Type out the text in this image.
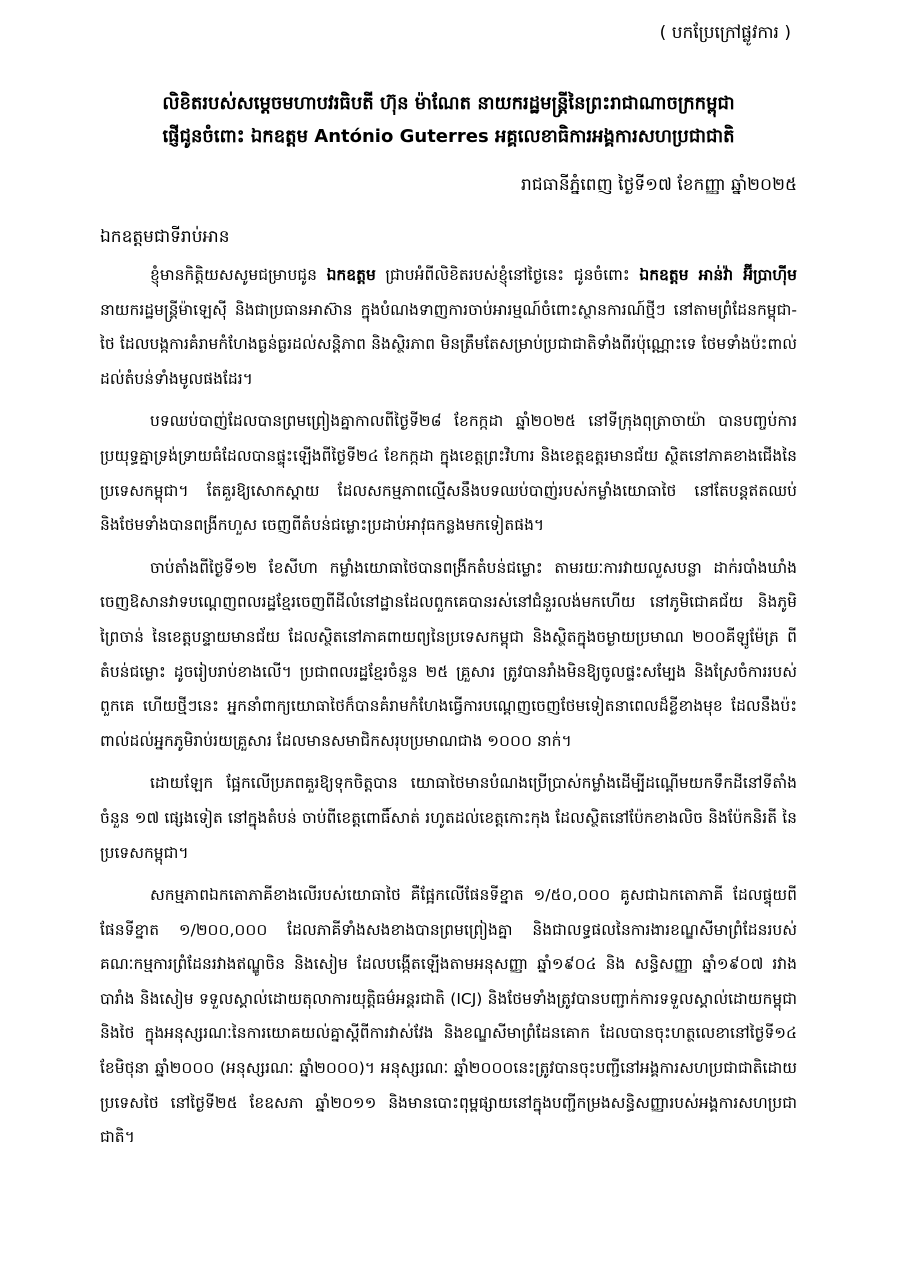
( បកប្រែក្រៅផ្លូវការ )
លិខិតរបស់សម្ដេចមហាបវរធិបតី ហ៊ុន ម៉ាណែត នាយករដ្ឋមន្ត្រីនៃព្រះរាជាណាចក្រកម្ពុជា
ផ្ញើជូនចំពោះ ឯកឧត្ដម António Guterres អគ្គលេខាធិការអង្គការសហប្រជាជាតិ
រាជធានីភ្នំពេញ ថ្ងៃទី១៧ ខែកញ្ញា ឆ្នាំ២០២៥
ឯកឧត្ដមជាទីរាប់អាន

ខ្ញុំមានកិត្តិយសសូមជម្រាបជូន ឯកឧត្ដម ជ្រាបអំពីលិខិតរបស់ខ្ញុំនៅថ្ងៃនេះ ជូនចំពោះ ឯកឧត្ដម អាន់វ៉ា អ៊ីប្រាហ៊ីម នាយករដ្ឋមន្ត្រីម៉ាឡេស៊ី និងជាប្រធានអាស៊ាន ក្នុងបំណងទាញការចាប់អារម្មណ៍ចំពោះស្ថានការណ៍ថ្មីៗ នៅតាមព្រំដែនកម្ពុជា-ថៃ ដែលបង្កការគំរាមកំហែងធ្ងន់ធ្ងរដល់សន្តិភាព និងស្ថិរភាព មិនត្រឹមតែសម្រាប់ប្រជាជាតិទាំងពីរប៉ុណ្ណោះទេ ថែមទាំងប៉ះពាល់ដល់តំបន់ទាំងមូលផងដែរ។

បទឈប់បាញ់ដែលបានព្រមព្រៀងគ្នាកាលពីថ្ងៃទី២៨ ខែកក្កដា ឆ្នាំ២០២៥ នៅទីក្រុងពុត្រាចាយ៉ា បានបញ្ចប់ការប្រយុទ្ធគ្នាទ្រង់ទ្រាយធំដែលបានផ្ទុះឡើងពីថ្ងៃទី២៤ ខែកក្កដា ក្នុងខេត្តព្រះវិហារ និងខេត្តឧត្ដរមានជ័យ ស្ថិតនៅភាគខាងជើងនៃប្រទេសកម្ពុជា។ តែគួរឱ្យសោកស្ដាយ ដែលសកម្មភាពល្មើសនឹងបទឈប់បាញ់របស់កម្លាំងយោធាថៃ នៅតែបន្តឥតឈប់ និងថែមទាំងបានពង្រីកហួស ចេញពីតំបន់ជម្លោះប្រដាប់អាវុធកន្លងមកទៀតផង។

ចាប់តាំងពីថ្ងៃទី១២ ខែសីហា កម្លាំងយោធាថៃបានពង្រីកតំបន់ជម្លោះ តាមរយៈការវាយលួសបន្លា ដាក់របាំងឃាំង ចេញឱសានវាទបណ្ដេញពលរដ្ឋខ្មែរចេញពីដីលំនៅដ្ឋានដែលពួកគេបានរស់នៅជំនួរលង់មកហើយ នៅភូមិជោគជ័យ និងភូមិព្រៃចាន់ នៃខេត្តបន្ទាយមានជ័យ ដែលស្ថិតនៅភាគពាយព្យនៃប្រទេសកម្ពុជា និងស្ថិតក្នុងចម្ងាយប្រមាណ ២០០គីឡូម៉ែត្រ ពីតំបន់ជម្លោះ ដូចរៀបរាប់ខាងលើ។ ប្រជាពលរដ្ឋខ្មែរចំនួន ២៥ គ្រួសារ ត្រូវបានរាំងមិនឱ្យចូលផ្ទះសម្បែង និងស្រែចំការរបស់ពួកគេ ហើយថ្មីៗនេះ អ្នកនាំពាក្យយោធាថៃក៏បានគំរាមកំហែងធ្វើការបណ្ដេញចេញថែមទៀតនាពេលដ៏ខ្លីខាងមុខ ដែលនឹងប៉ះពាល់ដល់អ្នកភូមិរាប់រយគ្រួសារ ដែលមានសមាជិកសរុបប្រមាណជាង ១០០០ នាក់។

ដោយឡែក ផ្អែកលើប្រភពគួរឱ្យទុកចិត្តបាន យោធាថៃមានបំណងប្រើប្រាស់កម្លាំងដើម្បីដណ្ដើមយកទឹកដីនៅទីតាំងចំនួន ១៧ ផ្សេងទៀត នៅក្នុងតំបន់ ចាប់ពីខេត្តពោធិ៍សាត់ រហូតដល់ខេត្តកោះកុង ដែលស្ថិតនៅប៉ែកខាងលិច និងប៉ែកនិរតី នៃប្រទេសកម្ពុជា។

សកម្មភាពឯកតោភាគីខាងលើរបស់យោធាថៃ គឺផ្អែកលើផែនទីខ្នាត ១/៥០,០០០ គូសជាឯកតោភាគី ដែលផ្ទុយពីផែនទីខ្នាត ១/២០០,០០០ ដែលភាគីទាំងសងខាងបានព្រមព្រៀងគ្នា និងជាលទ្ធផលនៃការងារខណ្ឌសីមាព្រំដែនរបស់គណៈកម្មការព្រំដែនរវាងឥណ្ឌូចិន និងសៀម ដែលបង្កើតឡើងតាមអនុសញ្ញា ឆ្នាំ១៩០៤ និង សន្ធិសញ្ញា ឆ្នាំ១៩០៧ រវាងបារាំង និងសៀម ទទួលស្គាល់ដោយតុលាការយុត្តិធម៌អន្តរជាតិ (ICJ) និងថែមទាំងត្រូវបានបញ្ជាក់ការទទួលស្គាល់ដោយកម្ពុជា និងថៃ ក្នុងអនុស្សរណៈនៃការយោគយល់គ្នាស្ដីពីការវាស់វែង និងខណ្ឌសីមាព្រំដែនគោក ដែលបានចុះហត្ថលេខានៅថ្ងៃទី១៤ ខែមិថុនា ឆ្នាំ២០០០ (អនុស្សរណៈ ឆ្នាំ២០០០)។ អនុស្សរណៈ ឆ្នាំ២០០០នេះត្រូវបានចុះបញ្ជីនៅអង្គការសហប្រជាជាតិដោយប្រទេសថៃ នៅថ្ងៃទី២៥ ខែឧសភា ឆ្នាំ២០១១ និងមានបោះពុម្ពផ្សាយនៅក្នុងបញ្ជីកម្រងសន្ធិសញ្ញារបស់អង្គការសហប្រជាជាតិ។
